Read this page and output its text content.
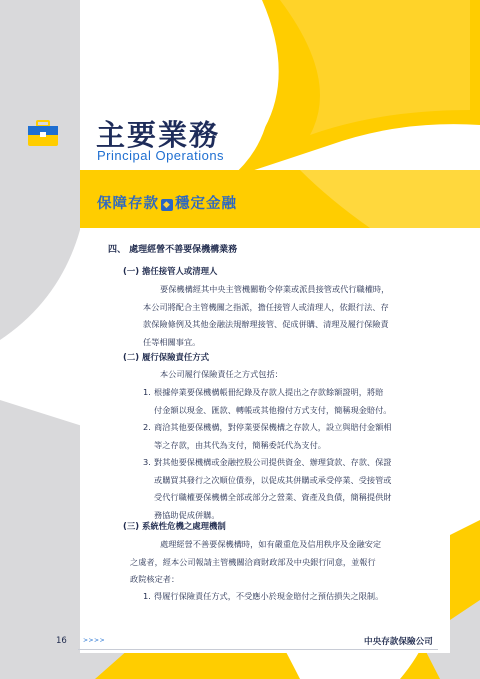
主要業務
Principal Operations
保障存款 ◆ 穩定金融
四、 處理經營不善要保機構業務
(一) 擔任接管人或清理人
要保機構經其中央主管機關勒令停業或派員接管或代行職權時，
本公司將配合主管機關之指派，擔任接管人或清理人，依銀行法、存
款保險條例及其他金融法規辦理接管、促成併購、清理及履行保險責
任等相關事宜。
(二) 履行保險責任方式
本公司履行保險責任之方式包括：
1. 根據停業要保機構帳冊紀錄及存款人提出之存款餘額證明，將賠
付金額以現金、匯款、轉帳或其他撥付方式支付，簡稱現金賠付。
2. 商洽其他要保機構，對停業要保機構之存款人，設立與賠付金額相
等之存款，由其代為支付，簡稱委託代為支付。
3. 對其他要保機構或金融控股公司提供資金、辦理貸款、存款、保證
或購買其發行之次順位債券，以促成其併購或承受停業、受接管或
受代行職權要保機構全部或部分之營業、資產及負債，簡稱提供財
務協助促成併購。
(三) 系統性危機之處理機制
處理經營不善要保機構時，如有嚴重危及信用秩序及金融安定
之虞者，經本公司報請主管機關洽商財政部及中央銀行同意，並報行
政院核定者：
1. 得履行保險責任方式，不受應小於現金賠付之預估損失之限制。
16	>>>>	中央存款保險公司
